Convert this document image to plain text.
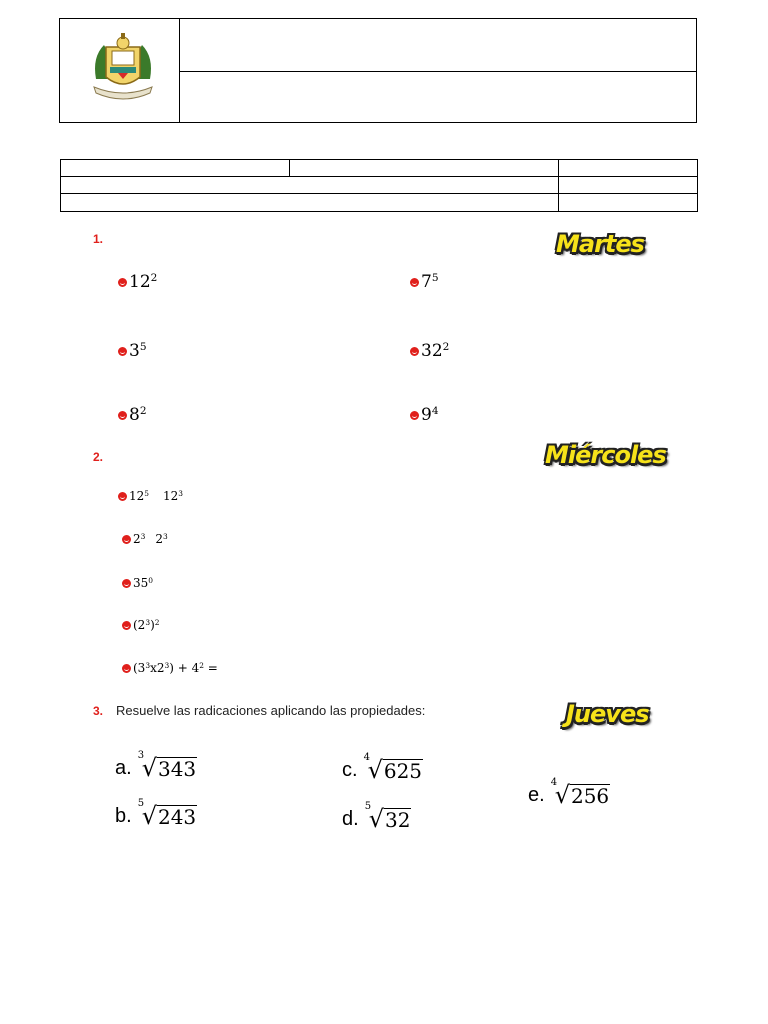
1.	Martes
$12^2$	$7^5$
$3^5$	$32^2$
$8^2$	$9^4$
2.	Miércoles
$12^5$ $12^3$
$2^3$ $2^3$
$35^0$
$(2^3)^2$
$(3^3x2^3) + 4^2$ =
3. Resuelve las radicaciones aplicando las propiedades:	Jueves
a.
3
√ 343
b.
5
√ 243
c.
4
√ 625
d.
5
√ 32
e.
4
√ 256
